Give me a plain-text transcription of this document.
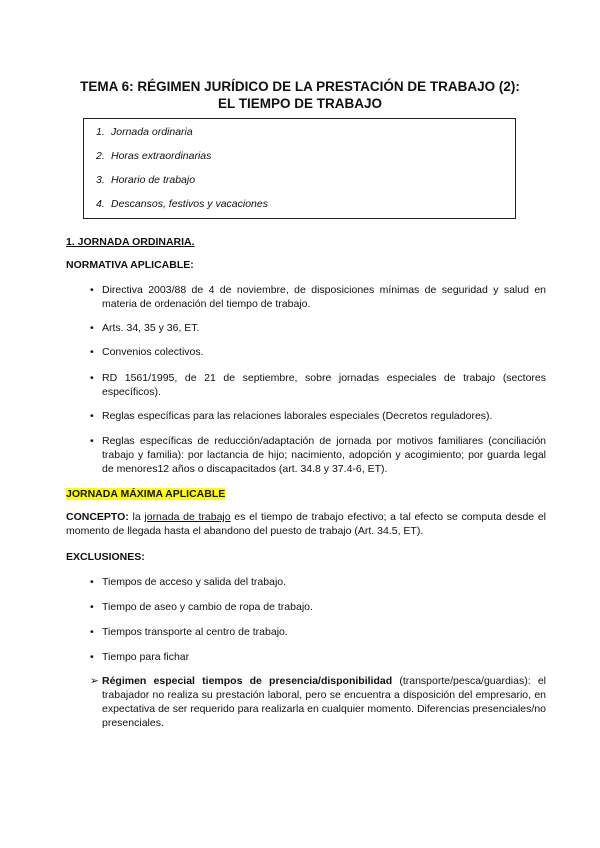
TEMA 6: RÉGIMEN JURÍDICO DE LA PRESTACIÓN DE TRABAJO (2):
EL TIEMPO DE TRABAJO
1. Jornada ordinaria
2. Horas extraordinarias
3. Horario de trabajo
4. Descansos, festivos y vacaciones
1. JORNADA ORDINARIA.
NORMATIVA APLICABLE:
• Directiva 2003/88 de 4 de noviembre, de disposiciones mínimas de seguridad y salud en materia de ordenación del tiempo de trabajo.
• Arts. 34, 35 y 36, ET.
• Convenios colectivos.
• RD 1561/1995, de 21 de septiembre, sobre jornadas especiales de trabajo (sectores específicos).
• Reglas específicas para las relaciones laborales especiales (Decretos reguladores).
• Reglas específicas de reducción/adaptación de jornada por motivos familiares (conciliación trabajo y familia): por lactancia de hijo; nacimiento, adopción y acogimiento; por guarda legal de menores12 años o discapacitados (art. 34.8 y 37.4-6, ET).
JORNADA MÁXIMA APLICABLE
CONCEPTO: la jornada de trabajo es el tiempo de trabajo efectivo; a tal efecto se computa desde el momento de llegada hasta el abandono del puesto de trabajo (Art. 34.5, ET).
EXCLUSIONES:
• Tiempos de acceso y salida del trabajo.
• Tiempo de aseo y cambio de ropa de trabajo.
• Tiempos transporte al centro de trabajo.
• Tiempo para fichar
➢ Régimen especial tiempos de presencia/disponibilidad (transporte/pesca/guardias): el trabajador no realiza su prestación laboral, pero se encuentra a disposición del empresario, en expectativa de ser requerido para realizarla en cualquier momento. Diferencias presenciales/no presenciales.
